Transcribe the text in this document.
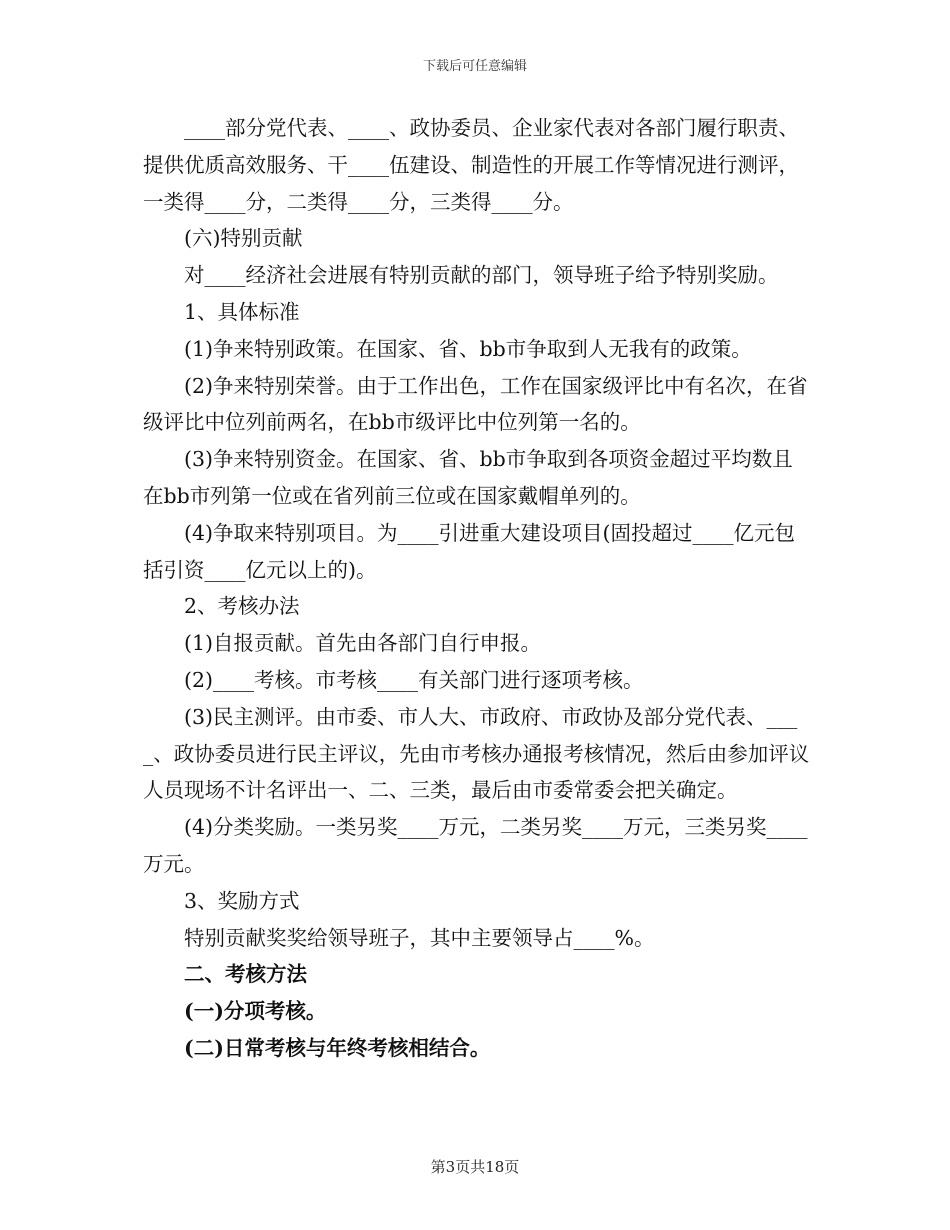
下载后可任意编辑

____部分党代表、____、政协委员、企业家代表对各部门履行职责、提供优质高效服务、干____伍建设、制造性的开展工作等情况进行测评，一类得____分，二类得____分，三类得____分。

(六)特别贡献

对____经济社会进展有特别贡献的部门，领导班子给予特别奖励。

1、具体标准

(1)争来特别政策。在国家、省、bb市争取到人无我有的政策。

(2)争来特别荣誉。由于工作出色，工作在国家级评比中有名次，在省级评比中位列前两名，在bb市级评比中位列第一名的。

(3)争来特别资金。在国家、省、bb市争取到各项资金超过平均数且在bb市列第一位或在省列前三位或在国家戴帽单列的。

(4)争取来特别项目。为____引进重大建设项目(固投超过____亿元包括引资____亿元以上的)。

2、考核办法

(1)自报贡献。首先由各部门自行申报。

(2)____考核。市考核____有关部门进行逐项考核。

(3)民主测评。由市委、市人大、市政府、市政协及部分党代表、____、政协委员进行民主评议，先由市考核办通报考核情况，然后由参加评议人员现场不计名评出一、二、三类，最后由市委常委会把关确定。

(4)分类奖励。一类另奖____万元，二类另奖____万元，三类另奖____万元。

3、奖励方式

特别贡献奖奖给领导班子，其中主要领导占____%。

二、考核方法

(一)分项考核。

(二)日常考核与年终考核相结合。

第3页共18页
